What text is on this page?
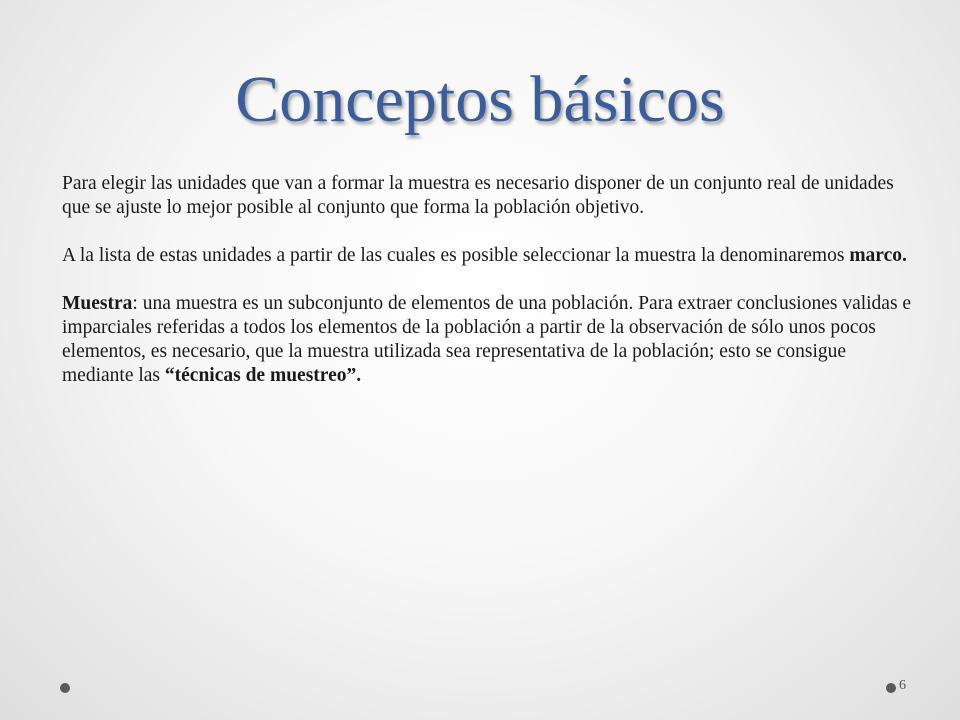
Conceptos básicos

Para elegir las unidades que van a formar la muestra es necesario disponer de un conjunto real de unidades que se ajuste lo mejor posible al conjunto que forma la población objetivo.

A la lista de estas unidades a partir de las cuales es posible seleccionar la muestra la denominaremos marco.

Muestra: una muestra es un subconjunto de elementos de una población. Para extraer conclusiones validas e imparciales referidas a todos los elementos de la población a partir de la observación de sólo unos pocos elementos, es necesario, que la muestra utilizada sea representativa de la población; esto se consigue mediante las “técnicas de muestreo”.

6
